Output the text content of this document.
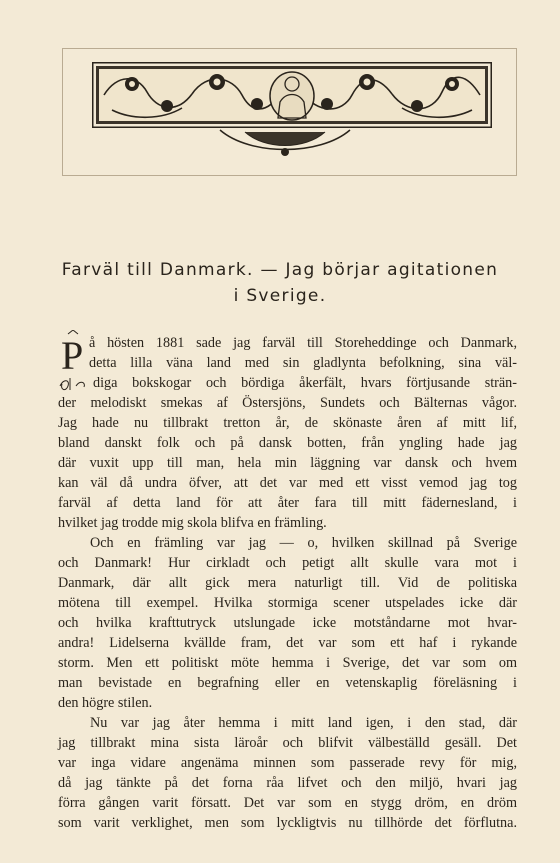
Farväl till Danmark. — Jag börjar agitationen
i Sverige.
P å hösten 1881 sade jag farväl till Storeheddinge och Danmark,
detta lilla väna land med sin gladlynta befolkning, sina väl-
diga bokskogar och bördiga åkerfält, hvars förtjusande strän-
der melodiskt smekas af Östersjöns, Sundets och Bälternas vågor.
Jag hade nu tillbrakt tretton år, de skönaste åren af mitt lif,
bland danskt folk och på dansk botten, från yngling hade jag
där vuxit upp till man, hela min läggning var dansk och hvem
kan väl då undra öfver, att det var med ett visst vemod jag tog
farväl af detta land för att åter fara till mitt fädernesland, i
hvilket jag trodde mig skola blifva en främling.
Och en främling var jag — o, hvilken skillnad på Sverige
och Danmark! Hur cirkladt och petigt allt skulle vara mot i
Danmark, där allt gick mera naturligt till. Vid de politiska
mötena till exempel. Hvilka stormiga scener utspelades icke där
och hvilka krafttutryck utslungade icke motståndarne mot hvar-
andra! Lidelserna kvällde fram, det var som ett haf i rykande
storm. Men ett politiskt möte hemma i Sverige, det var som om
man bevistade en begrafning eller en vetenskaplig föreläsning i
den högre stilen.
Nu var jag åter hemma i mitt land igen, i den stad, där
jag tillbrakt mina sista läroår och blifvit välbeställd gesäll. Det
var inga vidare angenäma minnen som passerade revy för mig,
då jag tänkte på det forna råa lifvet och den miljö, hvari jag
förra gången varit försatt. Det var som en stygg dröm, en dröm
som varit verklighet, men som lyckligtvis nu tillhörde det förflutna.
